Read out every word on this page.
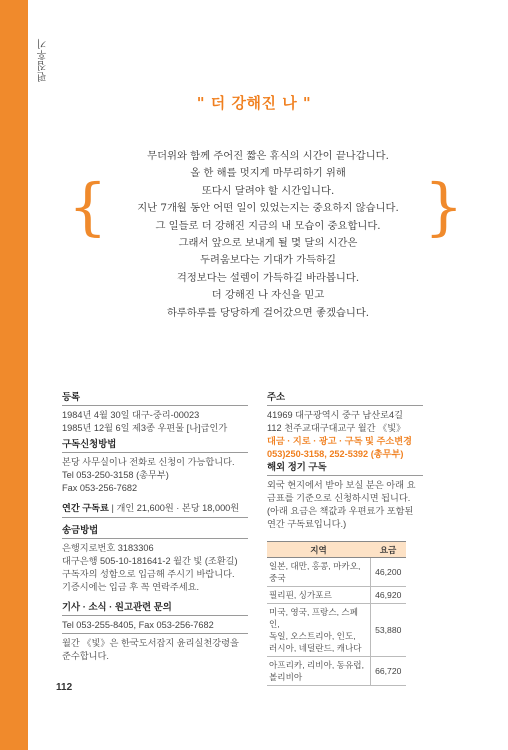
편집후기
" 더 강해진 나 "
{	}
무더위와 함께 주어진 짧은 휴식의 시간이 끝나갑니다.
올 한 해를 멋지게 마무리하기 위해
또다시 달려야 할 시간입니다.
지난 7개월 동안 어떤 일이 있었는지는 중요하지 않습니다.
그 일들로 더 강해진 지금의 내 모습이 중요합니다.
그래서 앞으로 보내게 될 몇 달의 시간은
두려움보다는 기대가 가득하길
걱정보다는 설렘이 가득하길 바라봅니다.
더 강해진 나 자신을 믿고
하루하루를 당당하게 걸어갔으면 좋겠습니다.
등록
1984년 4월 30일 대구-중리-00023
1985년 12월 6일 제3종 우편물 [나]급인가
구독신청방법
본당 사무실이나 전화로 신청이 가능합니다.
Tel 053-250-3158 (총무부)
Fax 053-256-7682
연간 구독료 | 개인 21,600원 · 본당 18,000원
송금방법
은행지로번호 3183306
대구은행 505-10-181641-2 월간 빛 (조환길)
구독자의 성함으로 입금해 주시기 바랍니다.
기증시에는 입금 후 꼭 연락주세요.
기사 · 소식 · 원고관련 문의
Tel 053-255-8405, Fax 053-256-7682
월간 《빛》은 한국도서잡지 윤리실천강령을
준수합니다.
주소
41969 대구광역시 중구 남산로4길
112 천주교대구대교구 월간 《빛》
대금 · 지로 · 광고 · 구독 및 주소변경
053)250-3158, 252-5392 (총무부)
해외 정기 구독
외국 현지에서 받아 보실 분은 아래 요
금표를 기준으로 신청하시면 됩니다.
(아래 요금은 책값과 우편료가 포함된
연간 구독료입니다.)
지역	요금

일본, 대만, 홍콩, 마카오, 중국	46,200

필리핀, 싱가포르	46,920

미국, 영국, 프랑스, 스페인,
독일, 오스트리아, 인도,
러시아, 네덜란드, 캐나다	53,880

아프리카, 리비아, 동유럽,
볼리비아	66,720
112
